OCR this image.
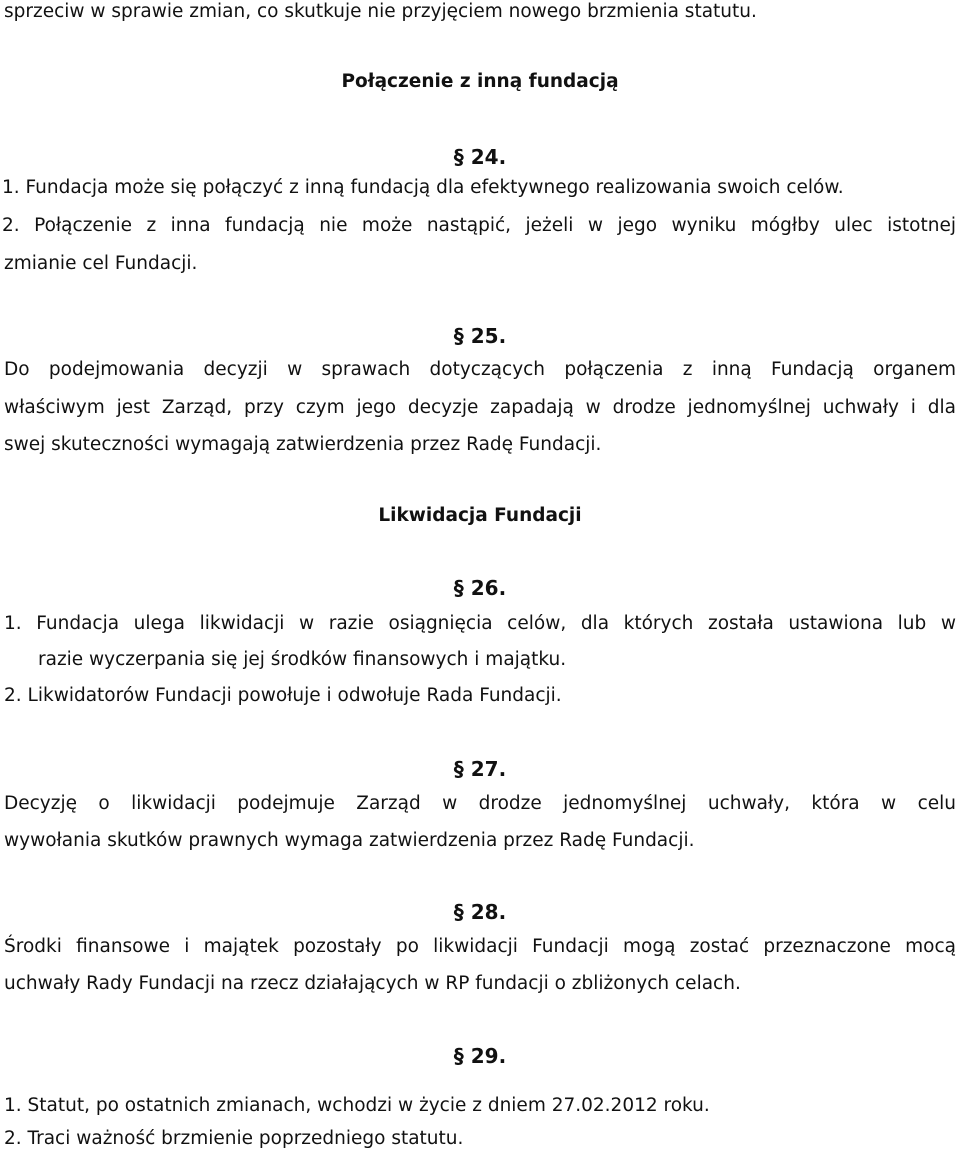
sprzeciw w sprawie zmian, co skutkuje nie przyjęciem nowego brzmienia statutu.
Połączenie z inną fundacją
§ 24.
1. Fundacja może się połączyć z inną fundacją dla efektywnego realizowania swoich celów.
2. Połączenie z inna fundacją nie może nastąpić, jeżeli w jego wyniku mógłby ulec istotnej
zmianie cel Fundacji.
§ 25.
Do podejmowania decyzji w sprawach dotyczących połączenia z inną Fundacją organem
właściwym jest Zarząd, przy czym jego decyzje zapadają w drodze jednomyślnej uchwały i dla
swej skuteczności wymagają zatwierdzenia przez Radę Fundacji.
Likwidacja Fundacji
§ 26.
1. Fundacja ulega likwidacji w razie osiągnięcia celów, dla których została ustawiona lub w
razie wyczerpania się jej środków finansowych i majątku.
2. Likwidatorów Fundacji powołuje i odwołuje Rada Fundacji.
§ 27.
Decyzję o likwidacji podejmuje Zarząd w drodze jednomyślnej uchwały, która w celu
wywołania skutków prawnych wymaga zatwierdzenia przez Radę Fundacji.
§ 28.
Środki finansowe i majątek pozostały po likwidacji Fundacji mogą zostać przeznaczone mocą
uchwały Rady Fundacji na rzecz działających w RP fundacji o zbliżonych celach.
§ 29.
1. Statut, po ostatnich zmianach, wchodzi w życie z dniem 27.02.2012 roku.
2. Traci ważność brzmienie poprzedniego statutu.
